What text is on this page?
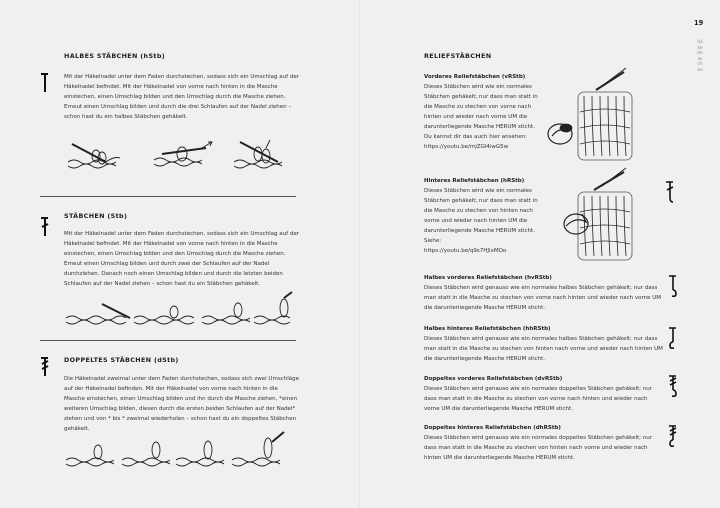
HALBES STÄBCHEN (hStb)
Mit der Häkelnadel unter dem Faden durchstechen, sodass sich ein Umschlag auf der Häkelnadel befindet. Mit der Häkelnadel von vorne nach hinten in die Masche einstechen, einen Umschlag bilden und den Umschlag durch die Masche ziehen. Erneut einen Umschlag bilden und durch die drei Schlaufen auf der Nadel ziehen – schon hast du ein halbes Stäbchen gehäkelt.
STÄBCHEN (Stb)
Mit der Häkelnadel unter dem Faden durchstechen, sodass sich ein Umschlag auf der Häkelnadel befindet. Mit der Häkelnadel von vorne nach hinten in die Masche einstechen, einen Umschlag bilden und den Umschlag durch die Masche ziehen. Erneut einen Umschlag bilden und durch zwei der Schlaufen auf der Nadel durchziehen. Danach noch einen Umschlag bilden und durch die letzten beiden Schlaufen auf der Nadel ziehen – schon hast du ein Stäbchen gehäkelt.
DOPPELTES STÄBCHEN (dStb)
Die Häkelnadel zweimal unter dem Faden durchstechen, sodass sich zwei Umschläge auf der Häkelnadel befinden. Mit der Häkelnadel von vorne nach hinten in die Masche einstechen, einen Umschlag bilden und ihn durch die Masche ziehen, *einen weiteren Umschlag bilden, diesen durch die ersten beiden Schlaufen auf der Nadel* ziehen und von * bis * zweimal wiederholen – schon hast du ein doppeltes Stäbchen gehäkelt.
19
häkelmaschen
RELIEFSTÄBCHEN
Vorderes Reliefstäbchen (vRStb)
Dieses Stäbchen wird wie ein normales Stäbchen gehäkelt; nur dass man statt in die Masche zu stechen von vorne nach hinten und wieder nach vorne UM die darunterliegende Masche HERUM sticht. Du kannst dir das auch hier ansehen:
https://youtu.be/mjZGl4iwG5w
Hinteres Reliefstäbchen (hRStb)
Dieses Stäbchen wird wie ein normales Stäbchen gehäkelt; nur dass man statt in die Masche zu stechen von hinten nach vorne und wieder nach hinten UM die darunterliegende Masche HERUM sticht. Siehe:
https://youtu.be/q9s7HJixMOo
Halbes vorderes Reliefstäbchen (hvRStb)
Dieses Stäbchen wird genauso wie ein normales halbes Stäbchen gehäkelt; nur dass man statt in die Masche zu stechen von vorne nach hinten und wieder nach vorne UM die darunterliegende Masche HERUM sticht.
Halbes hinteres Reliefstäbchen (hhRStb)
Dieses Stäbchen wird genauso wie ein normales halbes Stäbchen gehäkelt; nur dass man statt in die Masche zu stechen von hinten nach vorne und wieder nach hinten UM die darunterliegende Masche HERUM sticht.
Doppeltes vorderes Reliefstäbchen (dvRStb)
Dieses Stäbchen wird genauso wie ein normales doppeltes Stäbchen gehäkelt; nur dass man statt in die Masche zu stechen von vorne nach hinten und wieder nach vorne UM die darunterliegende Masche HERUM sticht.
Doppeltes hinteres Reliefstäbchen (dhRStb)
Dieses Stäbchen wird genauso wie ein normales doppeltes Stäbchen gehäkelt; nur dass man statt in die Masche zu stechen von hinten nach vorne und wieder nach hinten UM die darunterliegende Masche HERUM sticht.
